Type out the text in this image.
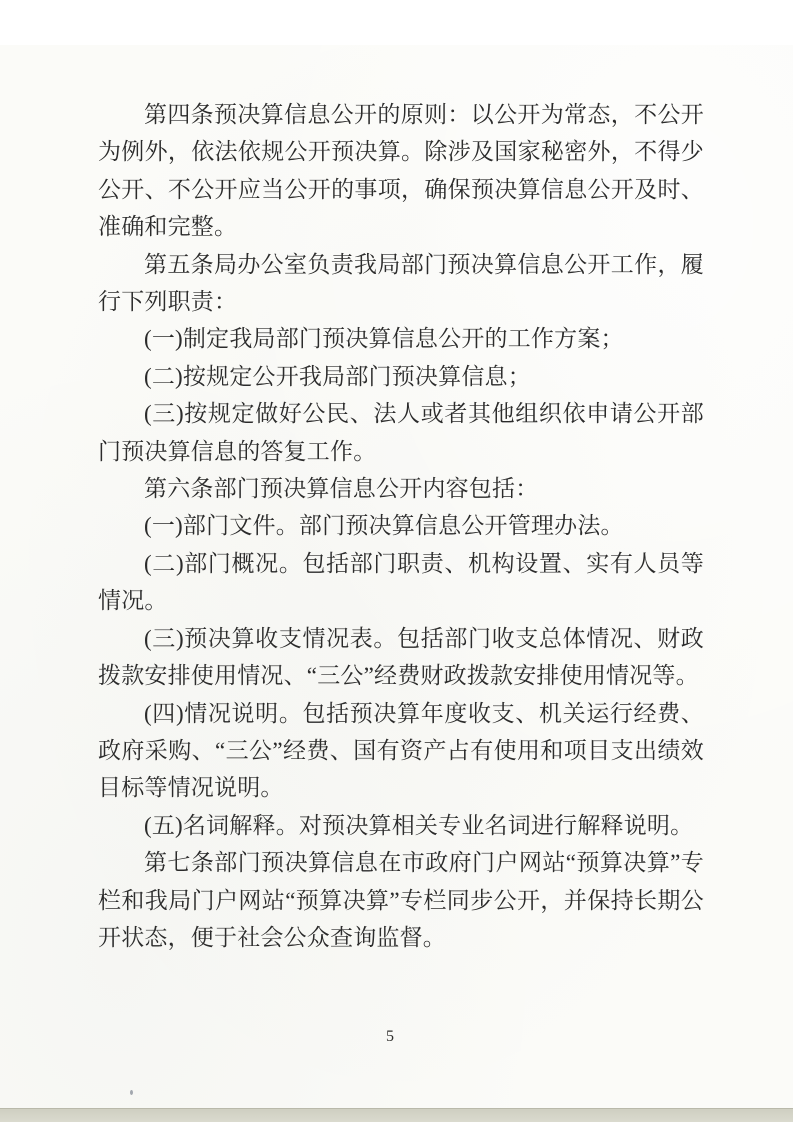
第四条预决算信息公开的原则：以公开为常态，不公开为例外，依法依规公开预决算。除涉及国家秘密外，不得少公开、不公开应当公开的事项，确保预决算信息公开及时、准确和完整。

第五条局办公室负责我局部门预决算信息公开工作，履行下列职责：

(一)制定我局部门预决算信息公开的工作方案；

(二)按规定公开我局部门预决算信息；

(三)按规定做好公民、法人或者其他组织依申请公开部门预决算信息的答复工作。

第六条部门预决算信息公开内容包括：

(一)部门文件。部门预决算信息公开管理办法。

(二)部门概况。包括部门职责、机构设置、实有人员等情况。

(三)预决算收支情况表。包括部门收支总体情况、财政拨款安排使用情况、“三公”经费财政拨款安排使用情况等。

(四)情况说明。包括预决算年度收支、机关运行经费、政府采购、“三公”经费、国有资产占有使用和项目支出绩效目标等情况说明。

(五)名词解释。对预决算相关专业名词进行解释说明。

第七条部门预决算信息在市政府门户网站“预算决算”专栏和我局门户网站“预算决算”专栏同步公开，并保持长期公开状态，便于社会公众查询监督。

5
